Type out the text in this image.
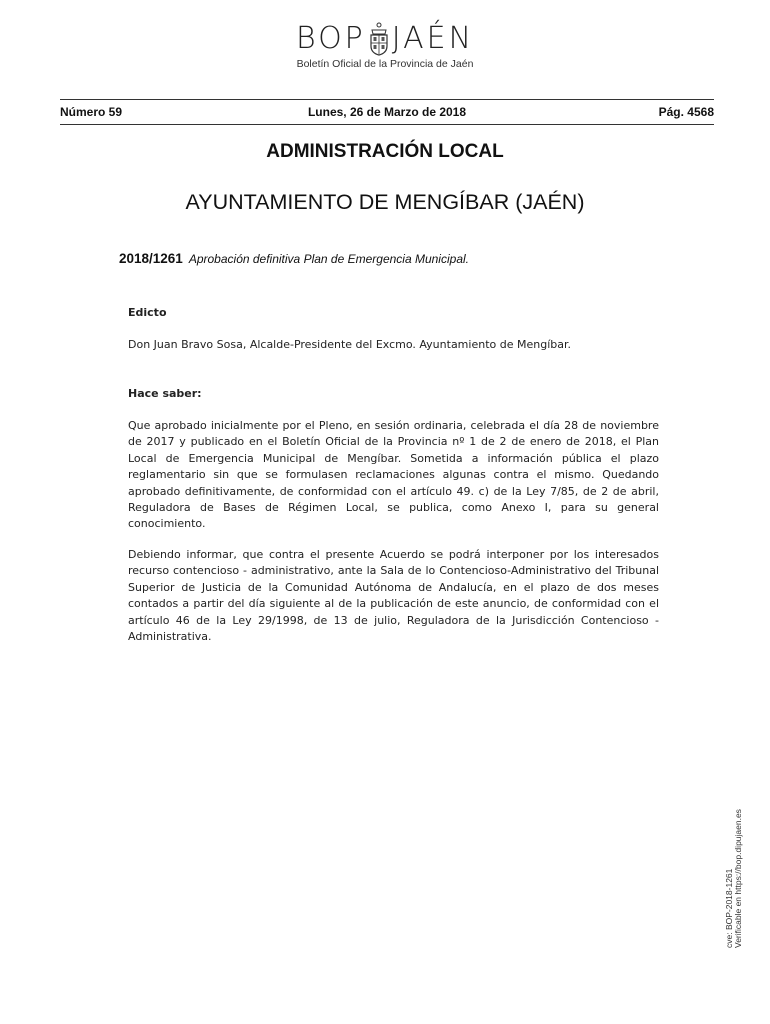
BOP JAÉN
Boletín Oficial de la Provincia de Jaén
Número 59	Lunes, 26 de Marzo de 2018	Pág. 4568
ADMINISTRACIÓN LOCAL
AYUNTAMIENTO DE MENGÍBAR (JAÉN)
2018/1261 Aprobación definitiva Plan de Emergencia Municipal.
Edicto
Don Juan Bravo Sosa, Alcalde-Presidente del Excmo. Ayuntamiento de Mengíbar.
Hace saber:

Que aprobado inicialmente por el Pleno, en sesión ordinaria, celebrada el día 28 de noviembre de 2017 y publicado en el Boletín Oficial de la Provincia nº 1 de 2 de enero de 2018, el Plan Local de Emergencia Municipal de Mengíbar. Sometida a información pública el plazo reglamentario sin que se formulasen reclamaciones algunas contra el mismo. Quedando aprobado definitivamente, de conformidad con el artículo 49. c) de la Ley 7/85, de 2 de abril, Reguladora de Bases de Régimen Local, se publica, como Anexo I, para su general conocimiento.

Debiendo informar, que contra el presente Acuerdo se podrá interponer por los interesados recurso contencioso - administrativo, ante la Sala de lo Contencioso-Administrativo del Tribunal Superior de Justicia de la Comunidad Autónoma de Andalucía, en el plazo de dos meses contados a partir del día siguiente al de la publicación de este anuncio, de conformidad con el artículo 46 de la Ley 29/1998, de 13 de julio, Reguladora de la Jurisdicción Contencioso - Administrativa.

cve: BOP-2018-1261 Verificable en https://bop.dipujaen.es
